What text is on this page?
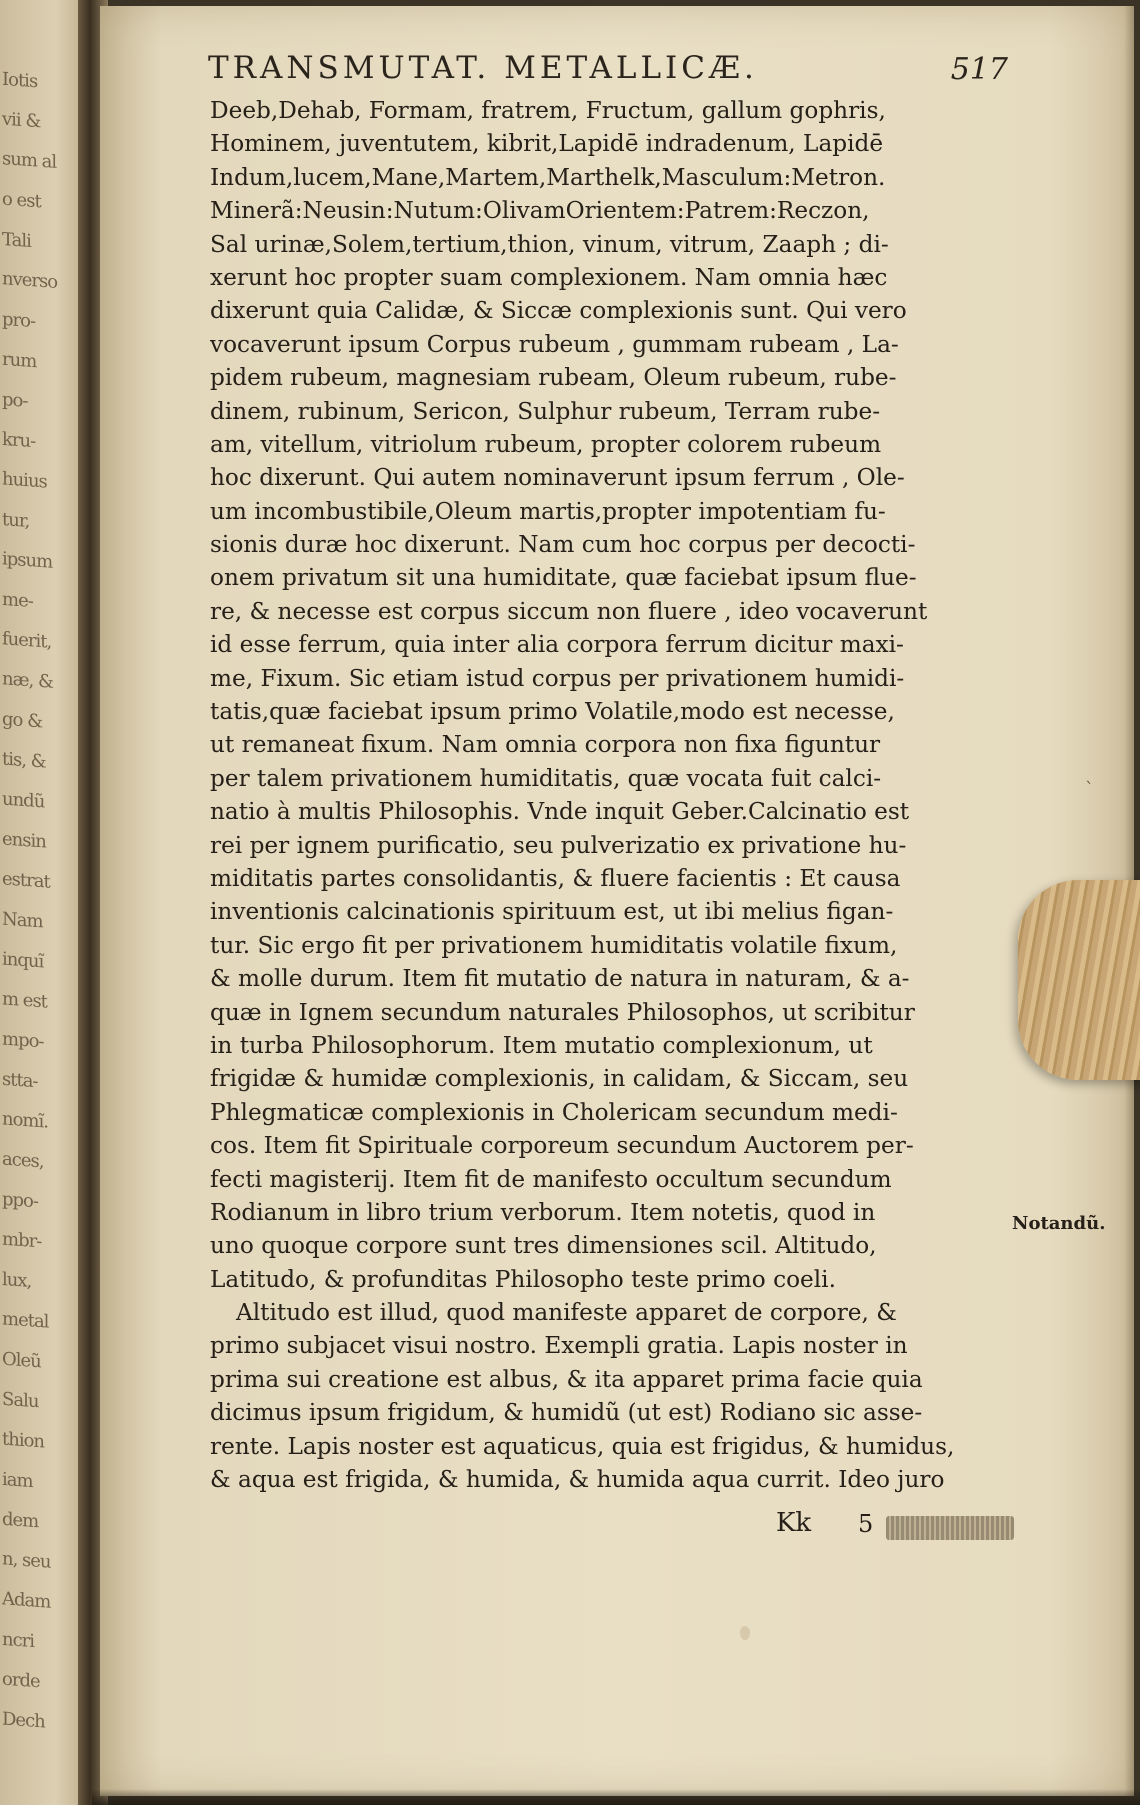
Iotis
vii &
sum al
o est
Tali
nverso
pro-
rum
po-
kru-
huius
tur,
ipsum
me-
fuerit,
næ, &
go &
tis, &
undũ
ensin
estrat
Nam
inquĩ
m est
mpo-
stta-
nomĩ.
aces,
ppo-
mbr-
lux,
metal
Oleũ
Salu
thion
iam
dem
n, seu
Adam
ncri
orde
Dech
TRANSMUTAT. METALLICÆ.	517
Deeb,Dehab, Formam, fratrem, Fructum, gallum gophris,
Hominem, juventutem, kibrit,Lapidē indradenum, Lapidē
Indum,lucem,Mane,Martem,Marthelk,Masculum:Metron.
Minerã:Neusin:Nutum:OlivamOrientem:Patrem:Reczon,
Sal urinæ,Solem,tertium,thion, vinum, vitrum, Zaaph ; di-
xerunt hoc propter suam complexionem. Nam omnia hæc
dixerunt quia Calidæ, & Siccæ complexionis sunt. Qui vero
vocaverunt ipsum Corpus rubeum , gummam rubeam , La-
pidem rubeum, magnesiam rubeam, Oleum rubeum, rube-
dinem, rubinum, Sericon, Sulphur rubeum, Terram rube-
am, vitellum, vitriolum rubeum, propter colorem rubeum
hoc dixerunt. Qui autem nominaverunt ipsum ferrum , Ole-
um incombustibile,Oleum martis,propter impotentiam fu-
sionis duræ hoc dixerunt. Nam cum hoc corpus per decocti-
onem privatum sit una humiditate, quæ faciebat ipsum flue-
re, & necesse est corpus siccum non fluere , ideo vocaverunt
id esse ferrum, quia inter alia corpora ferrum dicitur maxi-
me, Fixum. Sic etiam istud corpus per privationem humidi-
tatis,quæ faciebat ipsum primo Volatile,modo est necesse,
ut remaneat fixum. Nam omnia corpora non fixa figuntur
per talem privationem humiditatis, quæ vocata fuit calci-
natio à multis Philosophis. Vnde inquit Geber.Calcinatio est
rei per ignem purificatio, seu pulverizatio ex privatione hu-
miditatis partes consolidantis, & fluere facientis : Et causa
inventionis calcinationis spirituum est, ut ibi melius figan-
tur. Sic ergo fit per privationem humiditatis volatile fixum,
& molle durum. Item fit mutatio de natura in naturam, & a-
quæ in Ignem secundum naturales Philosophos, ut scribitur
in turba Philosophorum. Item mutatio complexionum, ut
frigidæ & humidæ complexionis, in calidam, & Siccam, seu
Phlegmaticæ complexionis in Cholericam secundum medi-
cos. Item fit Spirituale corporeum secundum Auctorem per-
fecti magisterij. Item fit de manifesto occultum secundum
Rodianum in libro trium verborum. Item notetis, quod in
uno quoque corpore sunt tres dimensiones scil. Altitudo,
Latitudo, & profunditas Philosopho teste primo coeli.
Altitudo est illud, quod manifeste apparet de corpore, &
primo subjacet visui nostro. Exempli gratia. Lapis noster in
prima sui creatione est albus, & ita apparet prima facie quia
dicimus ipsum frigidum, & humidũ (ut est) Rodiano sic asse-
rente. Lapis noster est aquaticus, quia est frigidus, & humidus,
& aqua est frigida, & humida, & humida aqua currit. Ideo juro
Notandũ.
ˋ
Kk 5
